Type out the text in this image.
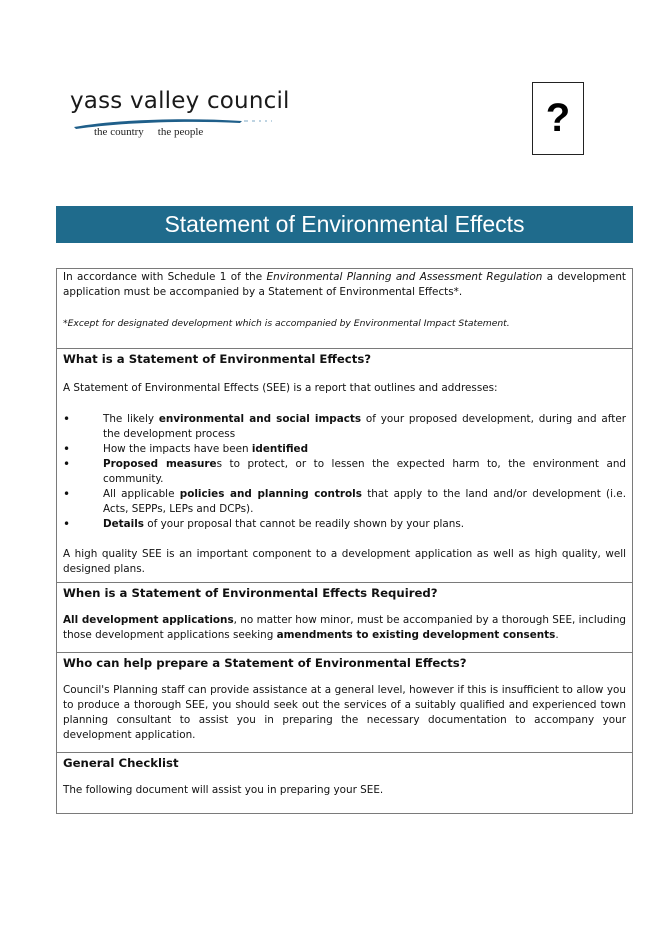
yass valley council
the country the people	?
Statement of Environmental Effects

In accordance with Schedule 1 of the Environmental Planning and Assessment Regulation a development application must be accompanied by a Statement of Environmental Effects*.

*Except for designated development which is accompanied by Environmental Impact Statement.

What is a Statement of Environmental Effects?

A Statement of Environmental Effects (SEE) is a report that outlines and addresses:

• The likely environmental and social impacts of your proposed development, during and after the development process
• How the impacts have been identified
• Proposed measures to protect, or to lessen the expected harm to, the environment and community.
• All applicable policies and planning controls that apply to the land and/or development (i.e. Acts, SEPPs, LEPs and DCPs).
• Details of your proposal that cannot be readily shown by your plans.

A high quality SEE is an important component to a development application as well as high quality, well designed plans.

When is a Statement of Environmental Effects Required?

All development applications, no matter how minor, must be accompanied by a thorough SEE, including those development applications seeking amendments to existing development consents.

Who can help prepare a Statement of Environmental Effects?

Council's Planning staff can provide assistance at a general level, however if this is insufficient to allow you to produce a thorough SEE, you should seek out the services of a suitably qualified and experienced town planning consultant to assist you in preparing the necessary documentation to accompany your development application.

General Checklist

The following document will assist you in preparing your SEE.
